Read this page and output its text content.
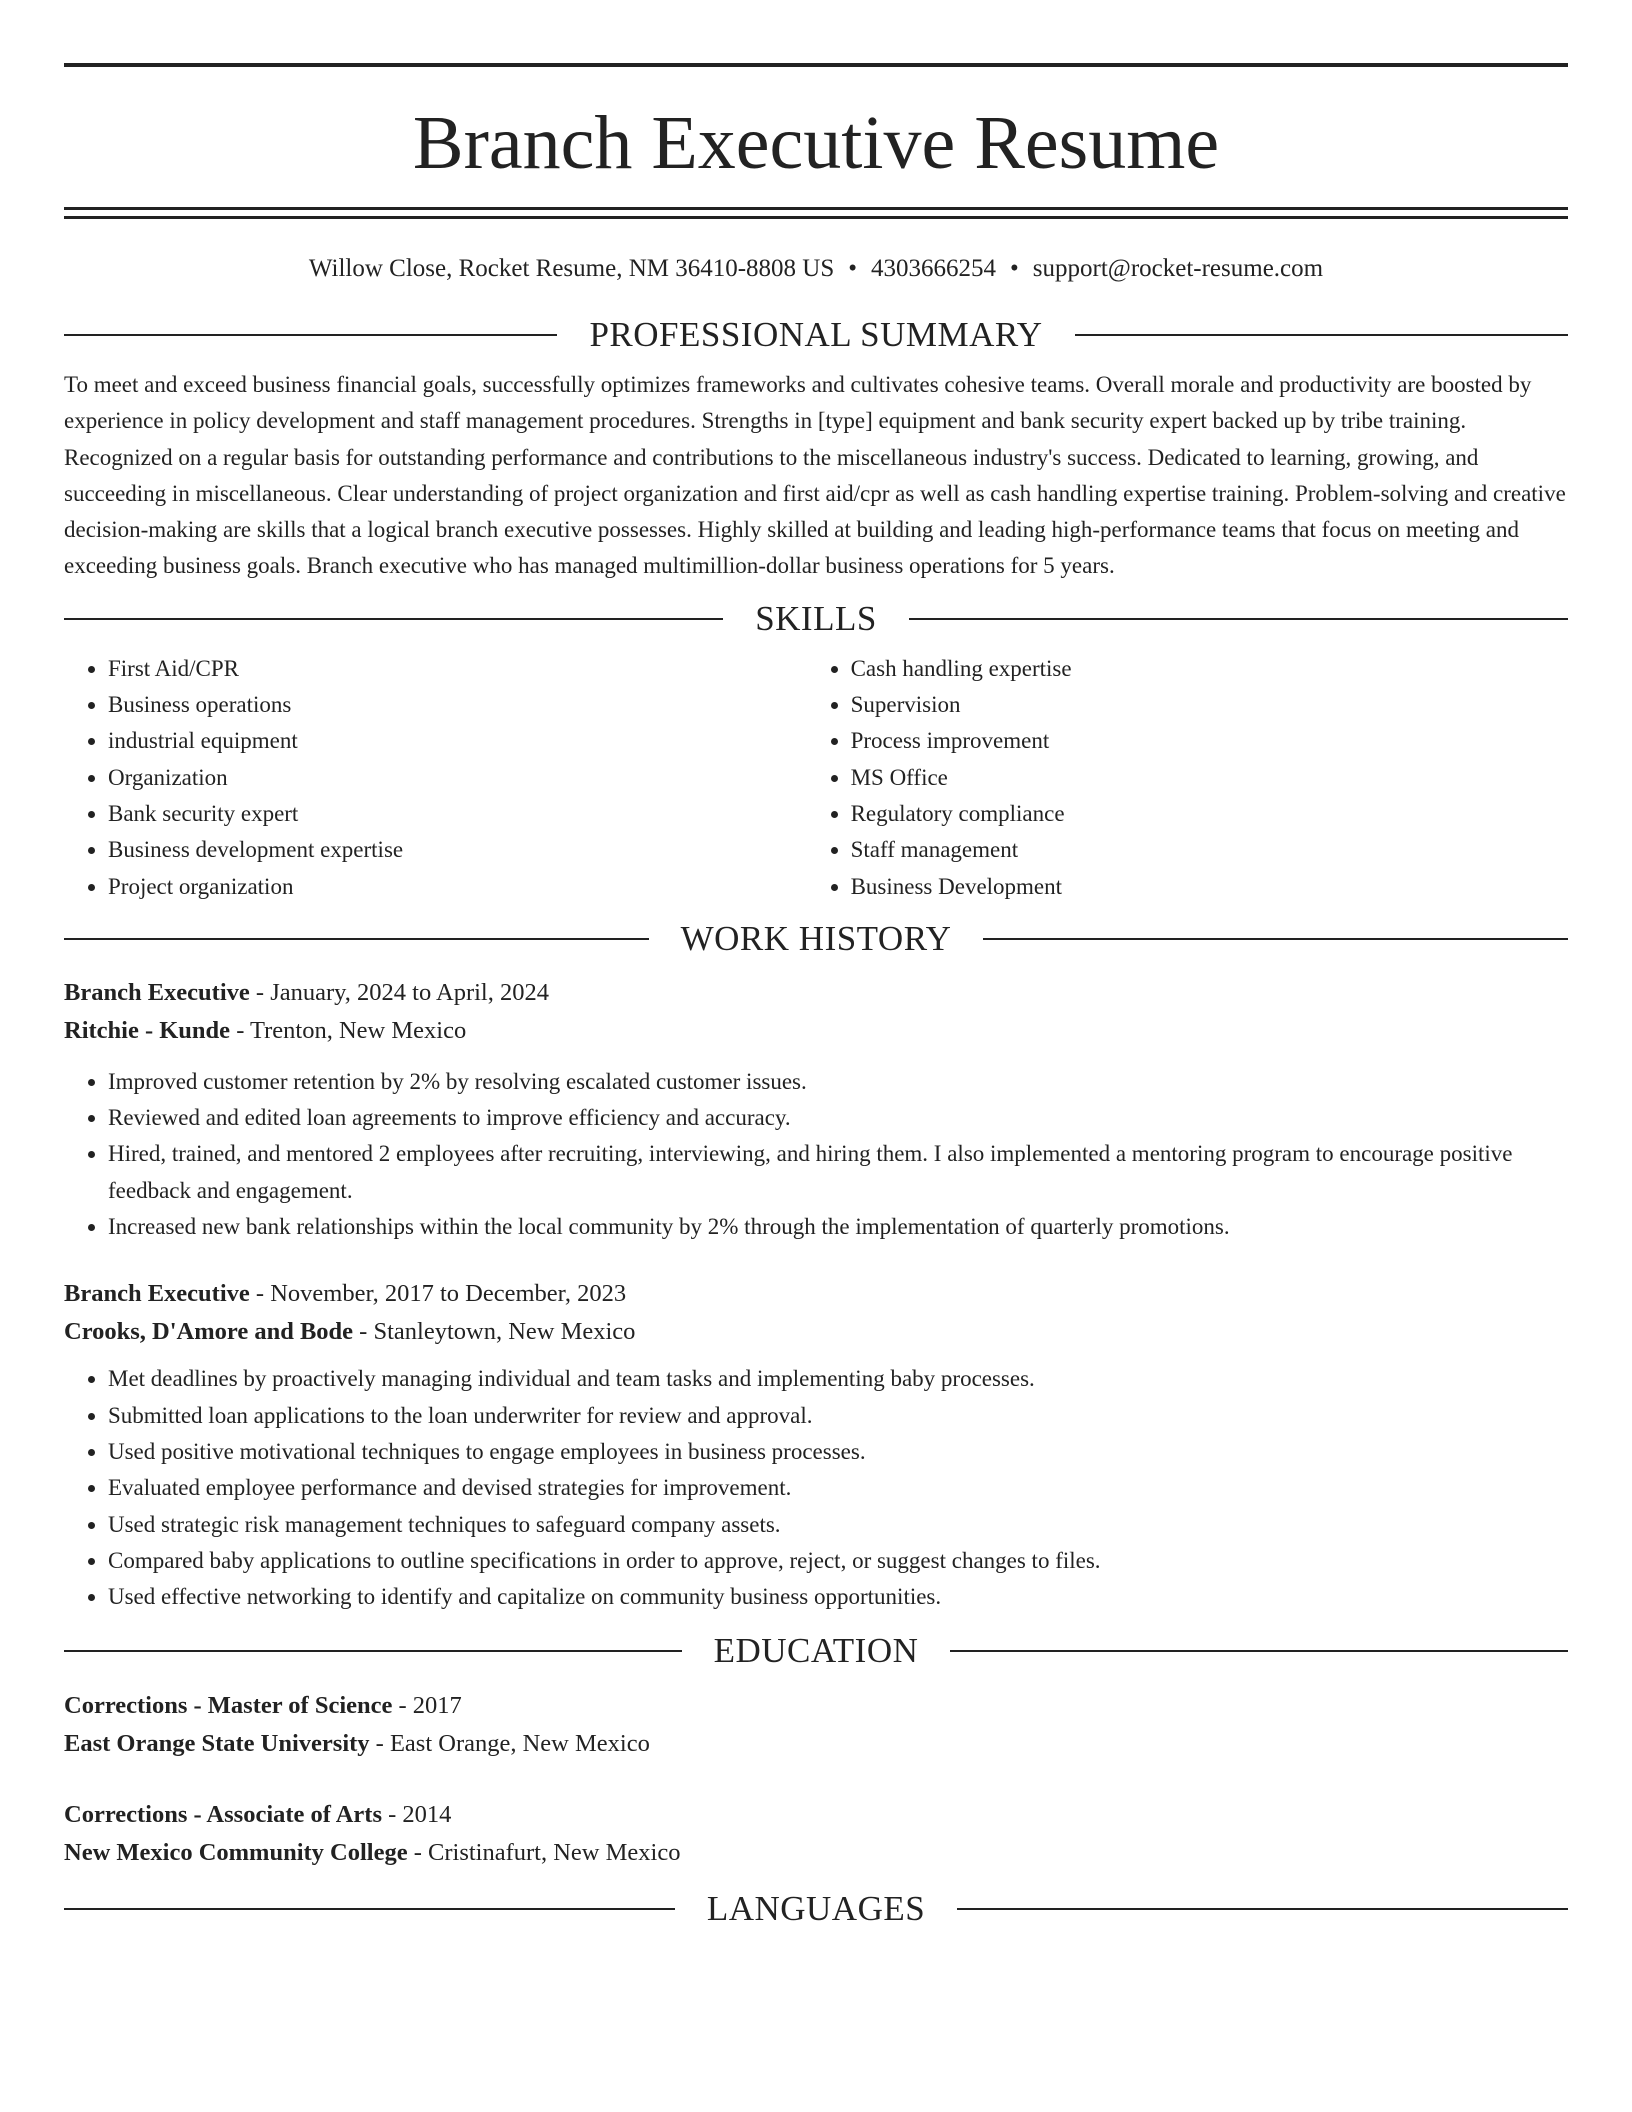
Branch Executive Resume
Willow Close, Rocket Resume, NM 36410-8808 US • 4303666254 • support@rocket-resume.com
PROFESSIONAL SUMMARY

To meet and exceed business financial goals, successfully optimizes frameworks and cultivates cohesive teams. Overall morale and productivity are boosted by experience in policy development and staff management procedures. Strengths in [type] equipment and bank security expert backed up by tribe training. Recognized on a regular basis for outstanding performance and contributions to the miscellaneous industry's success. Dedicated to learning, growing, and succeeding in miscellaneous. Clear understanding of project organization and first aid/cpr as well as cash handling expertise training. Problem-solving and creative decision-making are skills that a logical branch executive possesses. Highly skilled at building and leading high-performance teams that focus on meeting and exceeding business goals. Branch executive who has managed multimillion-dollar business operations for 5 years.

SKILLS
• First Aid/CPR
• Business operations
• industrial equipment
• Organization
• Bank security expert
• Business development expertise
• Project organization
• Cash handling expertise
• Supervision
• Process improvement
• MS Office
• Regulatory compliance
• Staff management
• Business Development
WORK HISTORY
Branch Executive - January, 2024 to April, 2024
Ritchie - Kunde - Trenton, New Mexico
• Improved customer retention by 2% by resolving escalated customer issues.
• Reviewed and edited loan agreements to improve efficiency and accuracy.
• Hired, trained, and mentored 2 employees after recruiting, interviewing, and hiring them. I also implemented a mentoring program to encourage positive feedback and engagement.
• Increased new bank relationships within the local community by 2% through the implementation of quarterly promotions.
Branch Executive - November, 2017 to December, 2023
Crooks, D'Amore and Bode - Stanleytown, New Mexico
• Met deadlines by proactively managing individual and team tasks and implementing baby processes.
• Submitted loan applications to the loan underwriter for review and approval.
• Used positive motivational techniques to engage employees in business processes.
• Evaluated employee performance and devised strategies for improvement.
• Used strategic risk management techniques to safeguard company assets.
• Compared baby applications to outline specifications in order to approve, reject, or suggest changes to files.
• Used effective networking to identify and capitalize on community business opportunities.
EDUCATION
Corrections - Master of Science - 2017
East Orange State University - East Orange, New Mexico
Corrections - Associate of Arts - 2014
New Mexico Community College - Cristinafurt, New Mexico
LANGUAGES
